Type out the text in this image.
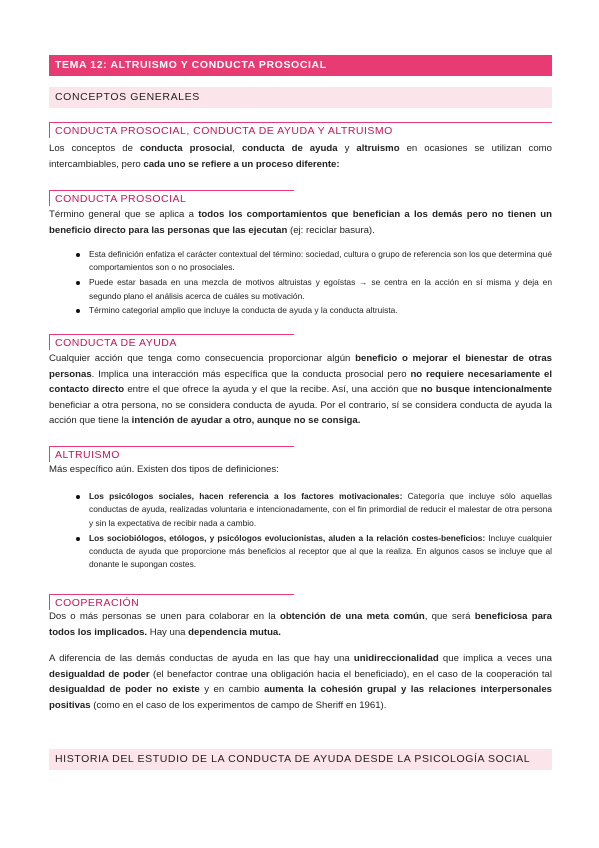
TEMA 12: ALTRUISMO Y CONDUCTA PROSOCIAL
CONCEPTOS GENERALES
CONDUCTA PROSOCIAL, CONDUCTA DE AYUDA Y ALTRUISMO
Los conceptos de conducta prosocial, conducta de ayuda y altruismo en ocasiones se utilizan como intercambiables, pero cada uno se refiere a un proceso diferente:
CONDUCTA PROSOCIAL
Término general que se aplica a todos los comportamientos que benefician a los demás pero no tienen un beneficio directo para las personas que las ejecutan (ej: reciclar basura).
Esta definición enfatiza el carácter contextual del término: sociedad, cultura o grupo de referencia son los que determina qué comportamientos son o no prosociales.
Puede estar basada en una mezcla de motivos altruistas y egoístas → se centra en la acción en sí misma y deja en segundo plano el análisis acerca de cuáles su motivación.
Término categorial amplio que incluye la conducta de ayuda y la conducta altruista.
CONDUCTA DE AYUDA
Cualquier acción que tenga como consecuencia proporcionar algún beneficio o mejorar el bienestar de otras personas. Implica una interacción más específica que la conducta prosocial pero no requiere necesariamente el contacto directo entre el que ofrece la ayuda y el que la recibe. Así, una acción que no busque intencionalmente beneficiar a otra persona, no se considera conducta de ayuda. Por el contrario, sí se considera conducta de ayuda la acción que tiene la intención de ayudar a otro, aunque no se consiga.
ALTRUISMO
Más específico aún. Existen dos tipos de definiciones:
Los psicólogos sociales, hacen referencia a los factores motivacionales: Categoría que incluye sólo aquellas conductas de ayuda, realizadas voluntaria e intencionadamente, con el fin primordial de reducir el malestar de otra persona y sin la expectativa de recibir nada a cambio.
Los sociobiólogos, etólogos, y psicólogos evolucionistas, aluden a la relación costes-beneficios: Incluye cualquier conducta de ayuda que proporcione más beneficios al receptor que al que la realiza. En algunos casos se incluye que al donante le supongan costes.
COOPERACIÓN
Dos o más personas se unen para colaborar en la obtención de una meta común, que será beneficiosa para todos los implicados. Hay una dependencia mutua.
A diferencia de las demás conductas de ayuda en las que hay una unidireccionalidad que implica a veces una desigualdad de poder (el benefactor contrae una obligación hacia el beneficiado), en el caso de la cooperación tal desigualdad de poder no existe y en cambio aumenta la cohesión grupal y las relaciones interpersonales positivas (como en el caso de los experimentos de campo de Sheriff en 1961).
HISTORIA DEL ESTUDIO DE LA CONDUCTA DE AYUDA DESDE LA PSICOLOGÍA SOCIAL
